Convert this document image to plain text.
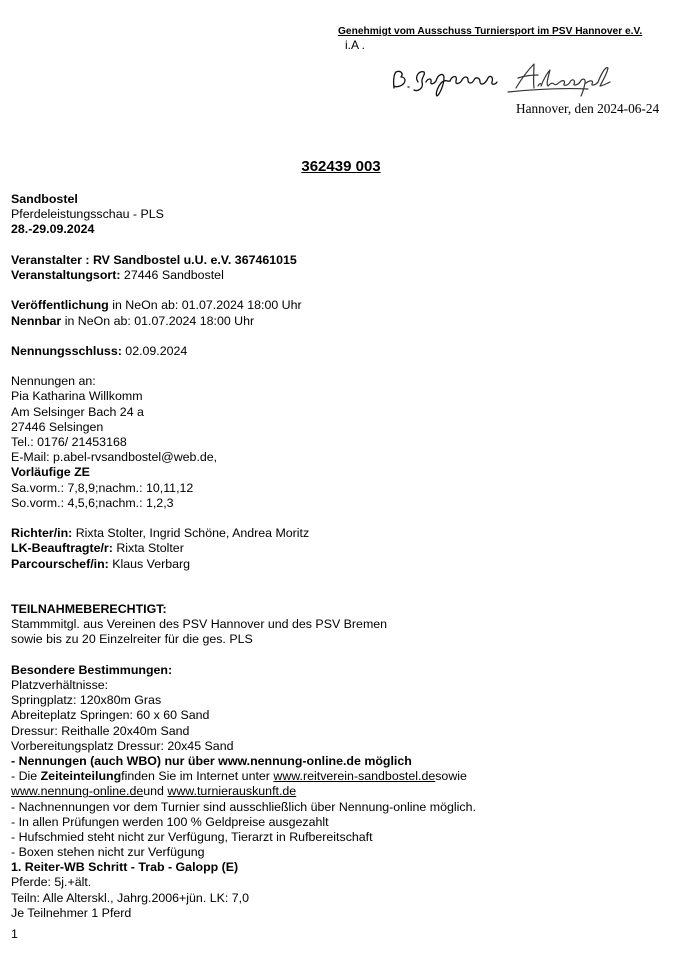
Genehmigt vom Ausschuss Turniersport im PSV Hannover e.V.
i.A .
Hannover, den 2024-06-24
362439 003
Sandbostel
Pferdeleistungsschau - PLS
28.-29.09.2024
Veranstalter : RV Sandbostel u.U. e.V. 367461015
Veranstaltungsort: 27446 Sandbostel
Veröffentlichung in NeOn ab: 01.07.2024 18:00 Uhr
Nennbar in NeOn ab: 01.07.2024 18:00 Uhr
Nennungsschluss: 02.09.2024
Nennungen an:
Pia Katharina Willkomm
Am Selsinger Bach 24 a
27446 Selsingen
Tel.: 0176/ 21453168
E-Mail: p.abel-rvsandbostel@web.de,
Vorläufige ZE
Sa.vorm.: 7,8,9;nachm.: 10,11,12
So.vorm.: 4,5,6;nachm.: 1,2,3
Richter/in: Rixta Stolter, Ingrid Schöne, Andrea Moritz
LK-Beauftragte/r: Rixta Stolter
Parcourschef/in: Klaus Verbarg
TEILNAHMEBERECHTIGT:
Stammmitgl. aus Vereinen des PSV Hannover und des PSV Bremen
sowie bis zu 20 Einzelreiter für die ges. PLS
Besondere Bestimmungen:
Platzverhältnisse:
Springplatz: 120x80m Gras
Abreiteplatz Springen: 60 x 60 Sand
Dressur: Reithalle 20x40m Sand
Vorbereitungsplatz Dressur: 20x45 Sand
- Nennungen (auch WBO) nur über www.nennung-online.de möglich
- Die Zeiteinteilungfinden Sie im Internet unter www.reitverein-sandbostel.desowie
www.nennung-online.deund www.turnierauskunft.de
- Nachnennungen vor dem Turnier sind ausschließlich über Nennung-online möglich.
- In allen Prüfungen werden 100 % Geldpreise ausgezahlt
- Hufschmied steht nicht zur Verfügung, Tierarzt in Rufbereitschaft
- Boxen stehen nicht zur Verfügung
1. Reiter-WB Schritt - Trab - Galopp (E)
Pferde: 5j.+ält.
Teiln: Alle Alterskl., Jahrg.2006+jün. LK: 7,0
Je Teilnehmer 1 Pferd
1
